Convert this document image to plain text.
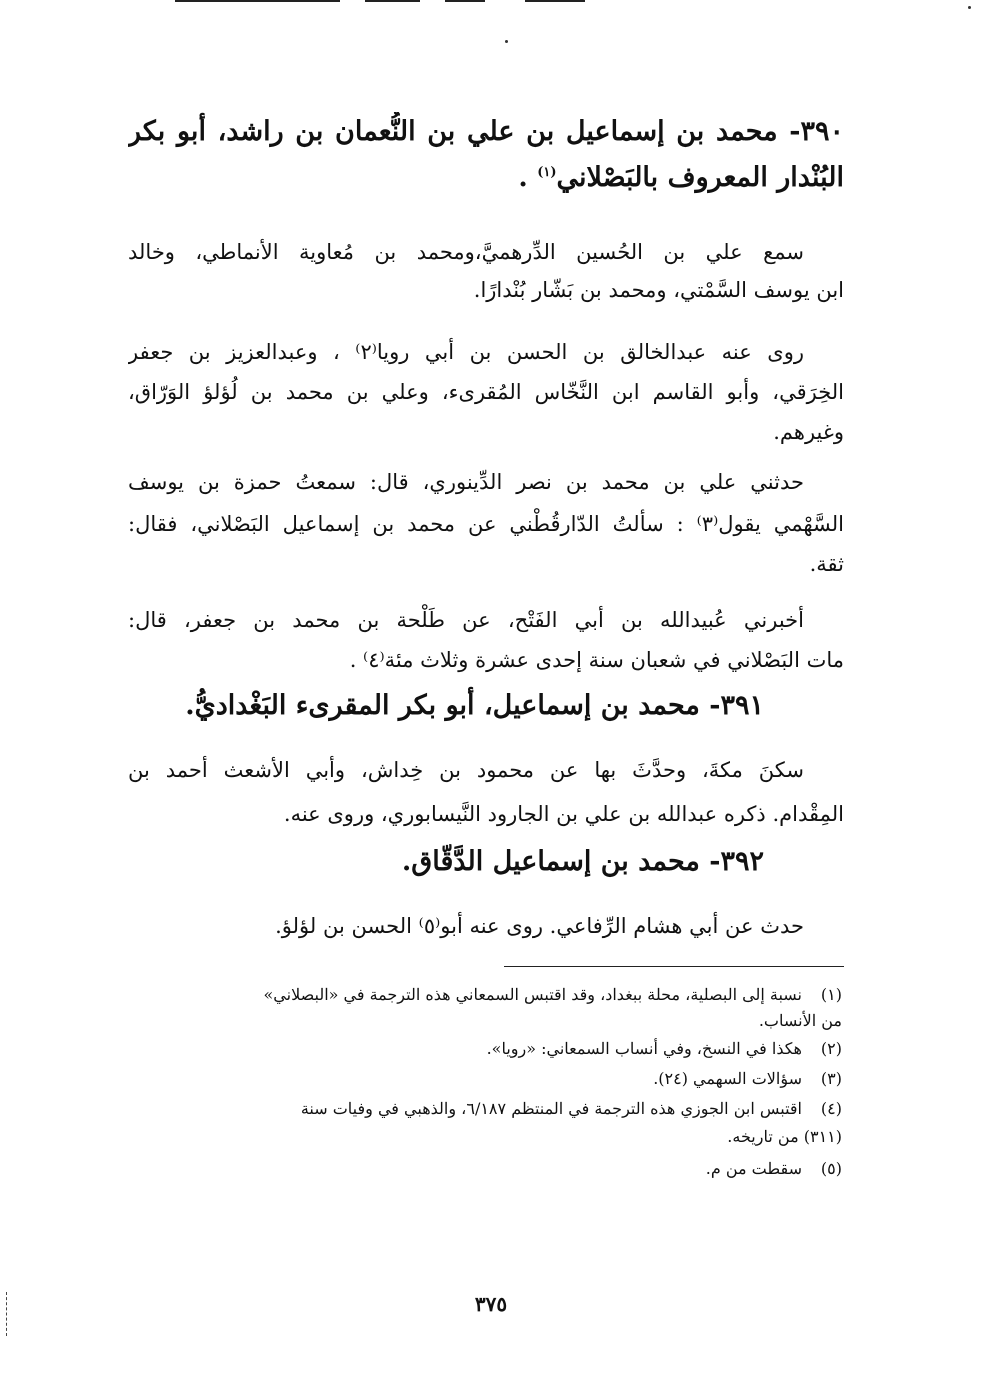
٣٩٠- محمد بن إسماعيل بن علي بن النُّعمان بن راشد، أبو بكر
البُنْدار المعروف بالبَصْلاني$^{(١)}$ .
سمع علي بن الحُسين الدِّرهميَّ،ومحمد بن مُعاوية الأنماطي، وخالد
ابن يوسف السَّمْتي، ومحمد بن بَشّار بُنْدارًا.
روى عنه عبدالخالق بن الحسن بن أبي رويا⁽٢⁾ ، وعبدالعزيز بن جعفر
الخِرَقي، وأبو القاسم ابن النَّخّاس المُقرىء، وعلي بن محمد بن لُؤلؤ الوَرّاق،
وغيرهم.
حدثني علي بن محمد بن نصر الدِّينوري، قال: سمعتُ حمزة بن يوسف
السَّهْمي يقول⁽٣⁾ : سألتُ الدّارقُطْني عن محمد بن إسماعيل البَصْلاني، فقال:
ثقة.
أخبرني عُبيدالله بن أبي الفَتْح، عن طَلْحة بن محمد بن جعفر، قال:
مات البَصْلاني في شعبان سنة إحدى عشرة وثلاث مئة⁽٤⁾ .
٣٩١- محمد بن إسماعيل، أبو بكر المقرىء البَغْداديُّ.
سكنَ مكةَ، وحدَّثَ بها عن محمود بن خِداش، وأبي الأشعث أحمد بن
المِقْدام. ذكره عبدالله بن علي بن الجارود النَّيسابوري، وروى عنه.
٣٩٢- محمد بن إسماعيل الدَّقّاق.
حدث عن أبي هشام الرِّفاعي. روى عنه أبو⁽٥⁾ الحسن بن لؤلؤ.
(١)نسبة إلى البصلية، محلة ببغداد، وقد اقتبس السمعاني هذه الترجمة في «البصلاني»
من الأنساب.
(٢)هكذا في النسخ، وفي أنساب السمعاني: «رويا».
(٣)سؤالات السهمي (٢٤).
(٤)اقتبس ابن الجوزي هذه الترجمة في المنتظم ٦/١٨٧، والذهبي في وفيات سنة
(٣١١) من تاريخه.
(٥)سقطت من م.
٣٧٥
